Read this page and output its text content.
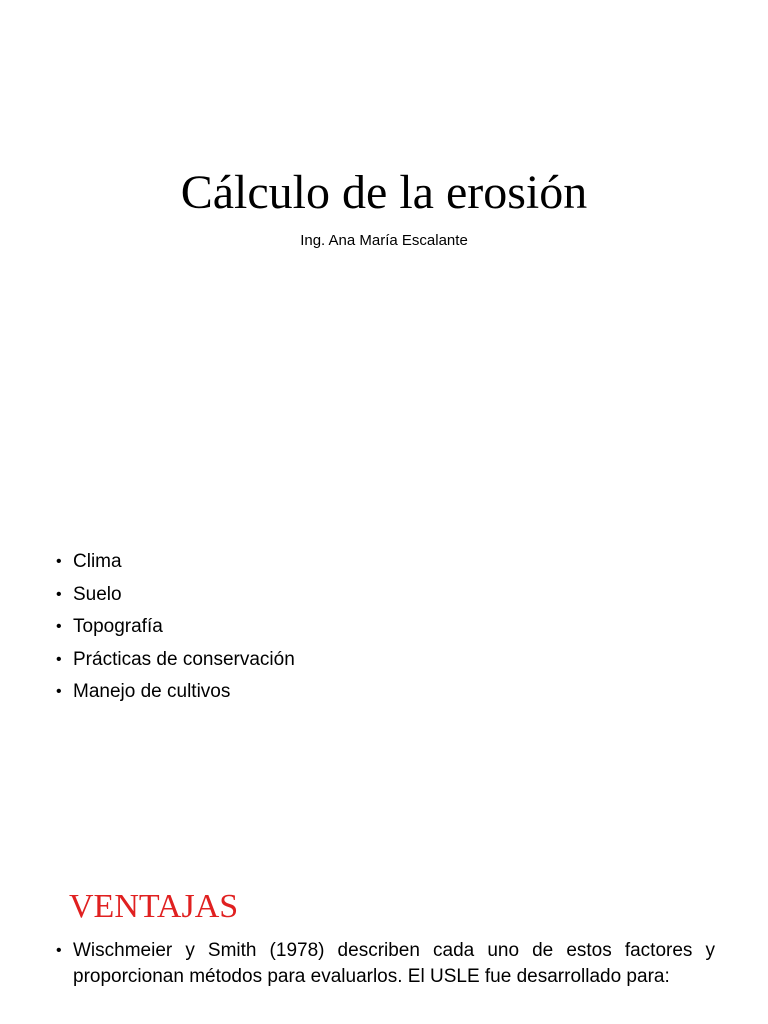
Cálculo de la erosión
Ing. Ana María Escalante
• Clima
• Suelo
• Topografía
• Prácticas de conservación
• Manejo de cultivos
VENTAJAS
• Wischmeier y Smith (1978) describen cada uno de estos factores y proporcionan métodos para evaluarlos. El USLE fue desarrollado para:
